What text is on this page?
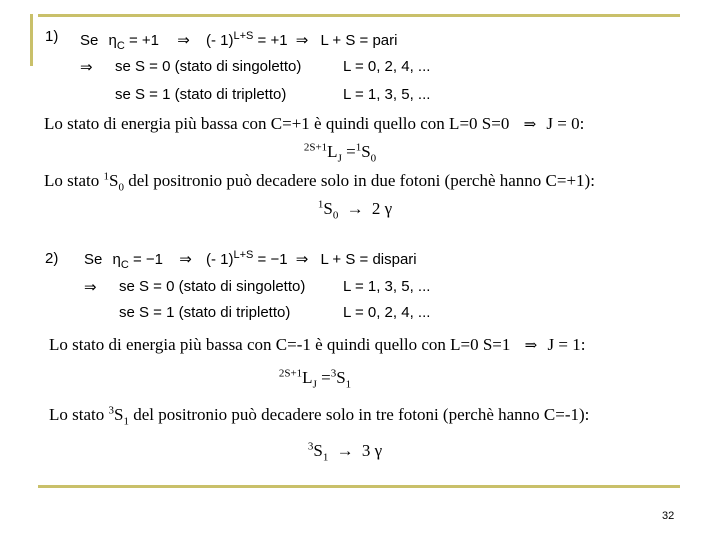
1) Se $\eta_C = +1$ ⇒ (- 1)$^{L+S}$ = +1 ⇒ L + S = pari
⇒ se S = 0 (stato di singoletto)	L = 0, 2, 4, ...
se S = 1 (stato di tripletto)	L = 1, 3, 5, ...
Lo stato di energia più bassa con C=+1 è quindi quello con L=0 S=0 ⇒ J = 0:
$^{2S+1}L_J =^1S_0$
Lo stato $^1S_0$ del positronio può decadere solo in due fotoni (perchè hanno C=+1):
$^1S_0 \to 2$ γ
2) Se $\eta_C = -1$ ⇒ (- 1)$^{L+S}$ = −1 ⇒ L + S = dispari
⇒ se S = 0 (stato di singoletto)	L = 1, 3, 5, ...
se S = 1 (stato di tripletto)	L = 0, 2, 4, ...
Lo stato di energia più bassa con C=-1 è quindi quello con L=0 S=1 ⇒ J = 1:
$^{2S+1}L_J =^3S_1$
Lo stato $^3S_1$ del positronio può decadere solo in tre fotoni (perchè hanno C=-1):
$^3S_1 \to 3$ γ
32
